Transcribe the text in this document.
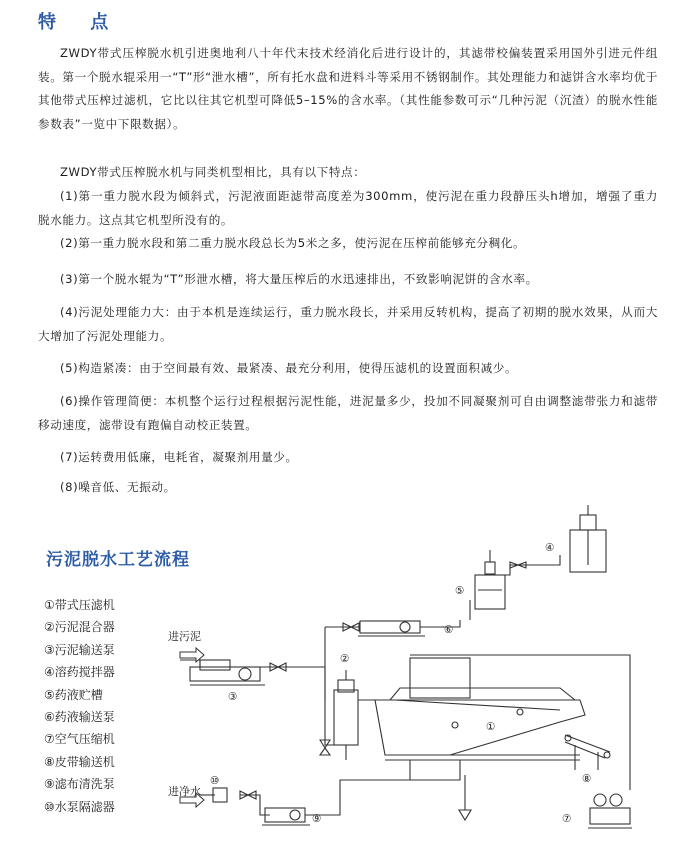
特 点
ZWDY带式压榨脱水机引进奥地利八十年代末技术经消化后进行设计的，其滤带校偏装置采用国外引进元件组装。第一个脱水辊采用一“T”形“泄水槽”，所有托水盘和进料斗等采用不锈钢制作。其处理能力和滤饼含水率均优于其他带式压榨过滤机，它比以往其它机型可降低5–15%的含水率。（其性能参数可示“几种污泥（沉渣）的脱水性能参数表”一览中下限数据）。
ZWDY带式压榨脱水机与同类机型相比，具有以下特点：
(1)第一重力脱水段为倾斜式，污泥液面距滤带高度差为300mm，使污泥在重力段静压头h增加，增强了重力脱水能力。这点其它机型所没有的。
(2)第一重力脱水段和第二重力脱水段总长为5米之多，使污泥在压榨前能够充分稠化。
(3)第一个脱水辊为“T”形泄水槽，将大量压榨后的水迅速排出，不致影响泥饼的含水率。
(4)污泥处理能力大：由于本机是连续运行，重力脱水段长，并采用反转机构，提高了初期的脱水效果，从而大大增加了污泥处理能力。
(5)构造紧凑：由于空间最有效、最紧凑、最充分利用，使得压滤机的设置面积减少。
(6)操作管理简便：本机整个运行过程根据污泥性能，进泥量多少，投加不同凝聚剂可自由调整滤带张力和滤带移动速度，滤带设有跑偏自动校正装置。
(7)运转费用低廉，电耗省，凝聚剂用量少。
(8)噪音低、无振动。
污泥脱水工艺流程
①带式压滤机
②污泥混合器
③污泥输送泵
④溶药搅拌器
⑤药液贮槽
⑥药液输送泵
⑦空气压缩机
⑧皮带输送机
⑨滤布清洗泵
⑩水泵隔滤器
进污泥
进净水
①
②
③
④
⑤
⑥
⑦
⑧
⑨
⑩
